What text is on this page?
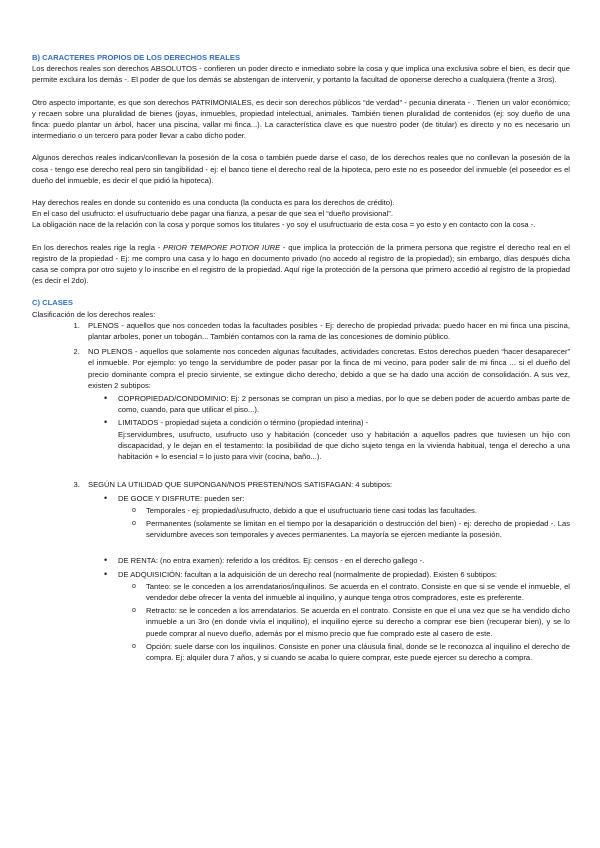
B) CARACTERES PROPIOS DE LOS DERECHOS REALES

Los derechos reales son derechos ABSOLUTOS - confieren un poder directo e inmediato sobre la cosa y que implica una exclusiva sobre el bien, es decir que permite excluira los demás -. El poder de que los demás se abstengan de intervenir, y portanto la facultad de oponerse derecho a cualquiera (frente a 3ros).

Otro aspecto importante, es que son derechos PATRIMONIALES, es decir son derechos públicos “de verdad” - pecunia dinerata - . Tienen un valor económico; y recaen sobre una pluralidad de bienes (joyas, inmuebles, propiedad intelectual, animales. También tienen pluralidad de contenidos (ej: soy dueño de una finca: puedo plantar un árbol, hacer una piscina, vallar mi finca...). La característica clave es que nuestro poder (de titular) es directo y no es necesario un intermediario o un tercero para poder llevar a cabo dicho poder.

Algunos derechos reales indican/conllevan la posesión de la cosa o también puede darse el caso, de los derechos reales que no conllevan la posesión de la cosa - tengo ese derecho real pero sin tangibilidad - ej: el banco tiene el derecho real de la hipoteca, pero este no es poseedor del inmueble (el poseedor es el dueño del inmueble, es decir el que pidió la hipoteca).

Hay derechos reales en donde su contenido es una conducta (la conducta es para los derechos de crédito).

En el caso del usufructo: el usufructuario debe pagar una fianza, a pesar de que sea el “dueño provisional”.

La obligación nace de la relación con la cosa y porque somos los titulares - yo soy el usufructuario de esta cosa = yo esto y en contacto con la cosa -.

En los derechos reales rige la regla - PRIOR TEMPORE POTIOR IURE - que implica la protección de la primera persona que registre el derecho real en el registro de la propiedad - Ej: me compro una casa y lo hago en documento privado (no accedo al registro de la propiedad); sin embargo, días después dicha casa se compra por otro sujeto y lo inscribe en el registro de la propiedad. Aquí rige la protección de la persona que primero accedió al registro de la propiedad (es decir el 2do).

C) CLASES

Clasificación de los derechos reales:

1. PLENOS - aquellos que nos conceden todas la facultades posibles - Ej: derecho de propiedad privada: puedo hacer en mi finca una piscina, plantar arboles, poner un tobogán... También contamos con la rama de las concesiones de dominio público.
2. NO PLENOS - aquellos que solamente nos conceden algunas facultades, actividades concretas. Estos derechos pueden “hacer desaparecer” el inmueble. Por ejemplo: yo tengo la servidumbre de poder pasar por la finca de mi vecino, para poder salir de mi finca ... si el dueño del precio dominante compra el precio sirviente, se extingue dicho derecho, debido a que se ha dado una acción de consolidación. A sus vez, existen 2 subtipos:
• COPROPIEDAD/CONDOMINIO: Ej: 2 personas se compran un piso a medias, por lo que se deben poder de acuerdo ambas parte de como, cuando, para que utilicar el piso...).
• LIMITADOS - propiedad sujeta a condición o término (propiedad interina) -
Ej:servidumbres, usufructo, usufructo uso y habitación (conceder uso y habitación a aquellos padres que tuviesen un hijo con discapacidad, y le dejan en el testamento: la posibilidad de que dicho sujeto tenga en la vivienda habitual, tenga el derecho a una habitación + lo esencial = lo justo para vivir (cocina, baño...).
3. SEGÚN LA UTILIDAD QUE SUPONGAN/NOS PRESTEN/NOS SATISFAGAN: 4 subtipos:
• DE GOCE Y DISFRUTE: pueden ser:
o Temporales - ej: propiedad/usufructo, debido a que el usufructuario tiene casi todas las facultades.
o Permanentes (solamente se limitan en el tiempo por la desaparición o destrucción del bien) - ej: derecho de propiedad -. Las servidumbre aveces son temporales y aveces permanentes. La mayoría se ejercen mediante la posesión.
• DE RENTA: (no entra examen): referido a los créditos. Ej: censos - en el derecho gallego -.
• DE ADQUISICIÓN: facultan a la adquisición de un derecho real (normalmente de propiedad). Existen 6 subtipos:
o Tanteo: se le conceden a los arrendatarios/inquilinos. Se acuerda en el contrato. Consiste en que si se vende el inmueble, el vendedor debe ofrecer la venta del inmueble al inquilino, y aunque tenga otros compradores, este es preferente.
o Retracto: se le conceden a los arrendatarios. Se acuerda en el contrato. Consiste en que el una vez que se ha vendido dicho inmueble a un 3ro (en donde vivía el inquilino), el inquilino ejerce su derecho a comprar ese bien (recuperar bien), y se lo puede comprar al nuevo dueño, además por el mismo precio que fue comprado este al casero de este.
o Opción: suele darse con los inquilinos. Consiste en poner una cláusula final, donde se le reconozca al inquilino el derecho de compra. Ej: alquiler dura 7 años, y si cuando se acaba lo quiere comprar, este puede ejercer su derecho a compra.
